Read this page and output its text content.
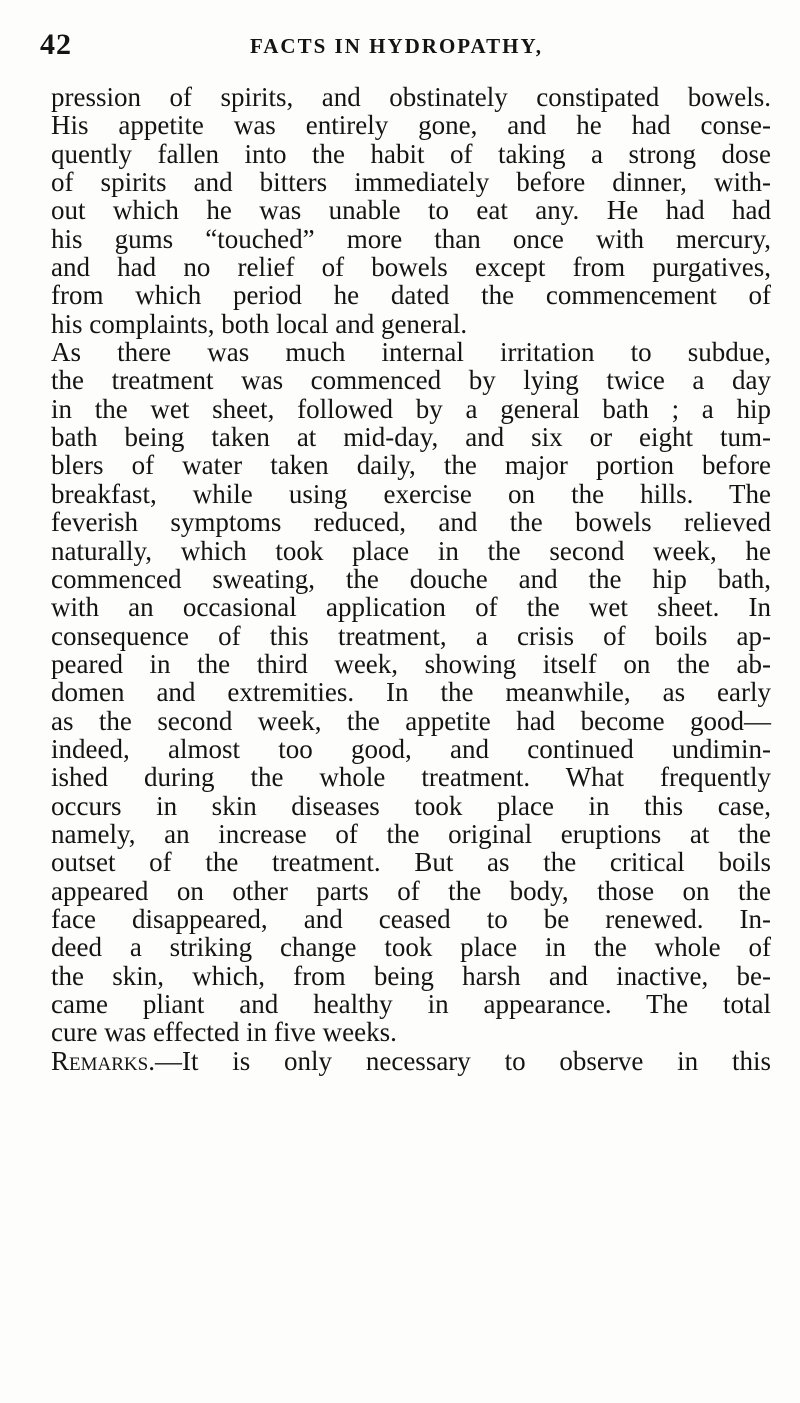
42	FACTS IN HYDROPATHY,
pression of spirits, and obstinately constipated bowels.
His appetite was entirely gone, and he had conse-
quently fallen into the habit of taking a strong dose
of spirits and bitters immediately before dinner, with-
out which he was unable to eat any. He had had
his gums “touched” more than once with mercury,
and had no relief of bowels except from purgatives,
from which period he dated the commencement of
his complaints, both local and general.
As there was much internal irritation to subdue,
the treatment was commenced by lying twice a day
in the wet sheet, followed by a general bath ; a hip
bath being taken at mid-day, and six or eight tum-
blers of water taken daily, the major portion before
breakfast, while using exercise on the hills. The
feverish symptoms reduced, and the bowels relieved
naturally, which took place in the second week, he
commenced sweating, the douche and the hip bath,
with an occasional application of the wet sheet. In
consequence of this treatment, a crisis of boils ap-
peared in the third week, showing itself on the ab-
domen and extremities. In the meanwhile, as early
as the second week, the appetite had become good—
indeed, almost too good, and continued undimin-
ished during the whole treatment. What frequently
occurs in skin diseases took place in this case,
namely, an increase of the original eruptions at the
outset of the treatment. But as the critical boils
appeared on other parts of the body, those on the
face disappeared, and ceased to be renewed. In-
deed a striking change took place in the whole of
the skin, which, from being harsh and inactive, be-
came pliant and healthy in appearance. The total
cure was effected in five weeks.
Remarks.—It is only necessary to observe in this
